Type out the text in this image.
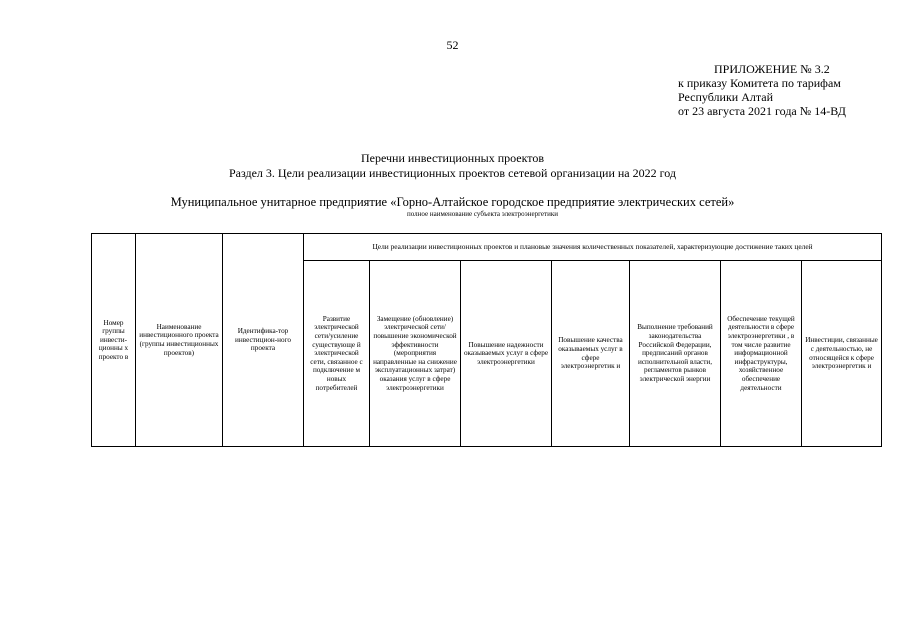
52
ПРИЛОЖЕНИЕ № 3.2
к приказу Комитета по тарифам
Республики Алтай
от 23 августа 2021 года № 14-ВД
Перечни инвестиционных проектов
Раздел 3. Цели реализации инвестиционных проектов сетевой организации на 2022 год
Муниципальное унитарное предприятие «Горно-Алтайское городское предприятие электрических сетей»
полное наименование субъекта электроэнергетики
Номер группы инвести-ционны х проекто в	Наименование инвестиционного проекта (группы инвестиционных проектов)	Идентифика-тор инвестицион-ного проекта	Цели реализации инвестиционных проектов и плановые значения количественных показателей, характеризующие достижение таких целей						
			Развитие электрической сети/усиление существующе й электрической сети, связанное с подключение м новых потребителей	Замещение (обновление) электрической сети/повышение экономической эффективности (мероприятия направленные на снижение эксплуатационных затрат) оказания услуг в сфере электроэнергетики	Повышение надежности оказываемых услуг в сфере электроэнергетики	Повышение качества оказываемых услуг в сфере электроэнергетик и	Выполнение требований законодательства Российской Федерации, предписаний органов исполнительной власти, регламентов рынков электрической энергии	Обеспечение текущей деятельности в сфере электроэнергетики , в том числе развитие информационной инфраструктуры, хозяйственное обеспечение деятельности	Инвестиции, связанные с деятельностью, не относящейся к сфере электроэнергетик и
